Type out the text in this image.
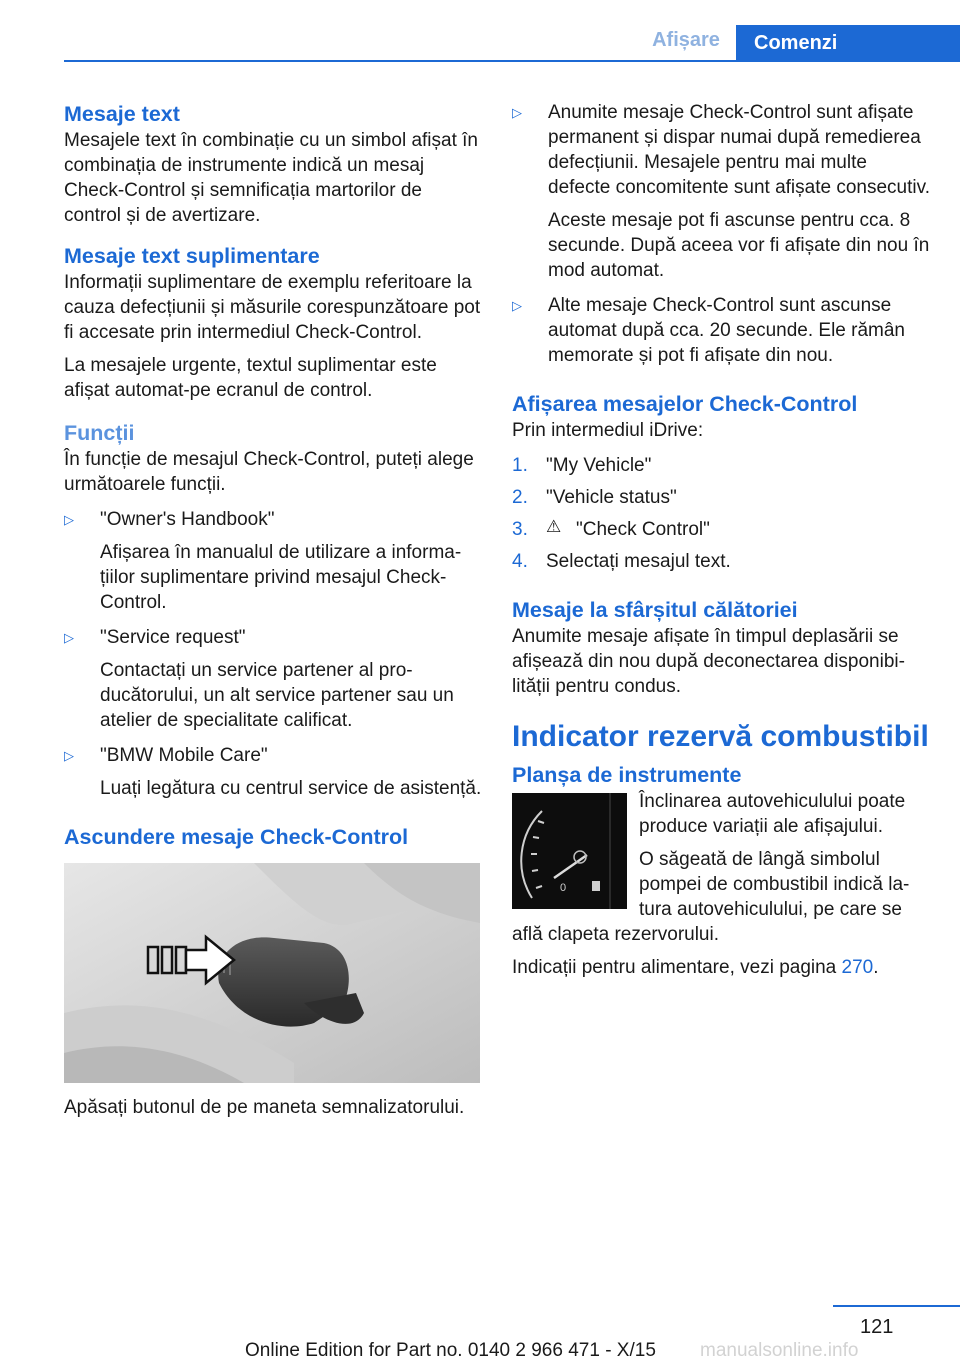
Afișare	Comenzi
Mesaje text

Mesajele text în combinație cu un simbol afișat în combinația de instrumente indică un mesaj Check-Control și semnificația martorilor de control și de avertizare.

Mesaje text suplimentare

Informații suplimentare de exemplu referitoare la cauza defecțiunii și măsurile corespunzătoare pot fi accesate prin intermediul Check-Control.

La mesajele urgente, textul suplimentar este afișat automat-pe ecranul de control.

Funcții

În funcție de mesajul Check-Control, puteți alege următoarele funcții.

▷	"Owner's Handbook"

Afișarea în manualul de utilizare a informațiilor suplimentare privind mesajul Check-Control.

▷	"Service request"

Contactați un service partener al producătorului, un alt service partener sau un atelier de specialitate calificat.

▷	"BMW Mobile Care"

Luați legătura cu centrul service de asistență.

Ascundere mesaje Check-Control

Apăsați butonul de pe maneta semnalizatorului.

▷	Anumite mesaje Check-Control sunt afișate permanent și dispar numai după remedierea defecțiunii. Mesajele pentru mai multe defecte concomitente sunt afișate consecutiv.

Aceste mesaje pot fi ascunse pentru cca. 8 secunde. După aceea vor fi afișate din nou în mod automat.

▷	Alte mesaje Check-Control sunt ascunse automat după cca. 20 secunde. Ele rămân memorate și pot fi afișate din nou.

Afișarea mesajelor Check-Control

Prin intermediul iDrive:

1. "My Vehicle"

2. "Vehicle status"

3.	⚠ "Check Control"

4. Selectați mesajul text.

Mesaje la sfârșitul călătoriei

Anumite mesaje afișate în timpul deplasării se afișează din nou după deconectarea disponibilității pentru condus.

Indicator rezervă combustibil
Planșa de instrumente
0

Înclinarea autovehiculului poate produce variații ale afișajului.

O săgeată de lângă simbolul pompei de combustibil indică latura autovehiculului, pe care se află clapeta rezervorului.

Indicații pentru alimentare, vezi pagina 270.

121
Online Edition for Part no. 0140 2 966 471 - X/15 manualsonline.info
